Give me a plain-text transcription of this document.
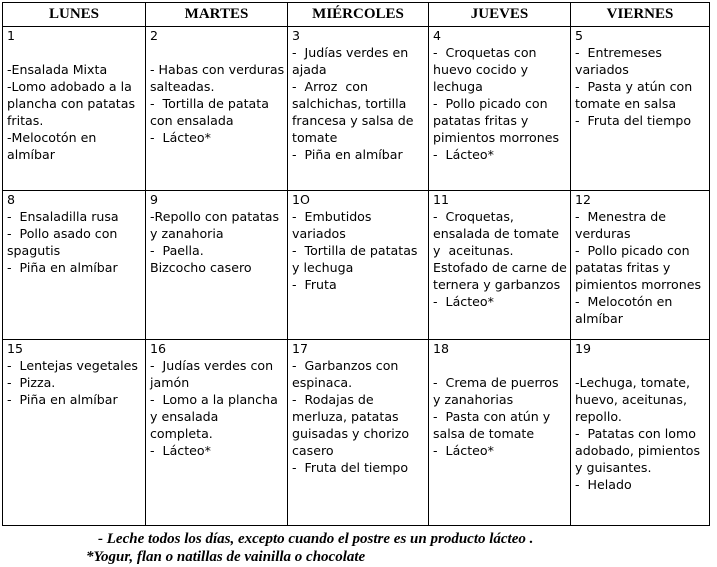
LUNES	MARTES	MIÉRCOLES	JUEVES	VIERNES

1

-Ensalada Mixta
-Lomo adobado a la plancha con patatas fritas.
-Melocotón en almíbar	2

- Habas con verduras salteadas.
-  Tortilla de patata con ensalada
-  Lácteo*	3
-  Judías verdes en ajada
-  Arroz  con salchichas, tortilla francesa y salsa de tomate
-  Piña en almíbar	4
-  Croquetas con huevo cocido y lechuga
-  Pollo picado con patatas fritas y pimientos morrones
-  Lácteo*	5
-  Entremeses variados
-  Pasta y atún con tomate en salsa
-  Fruta del tiempo

8
-  Ensaladilla rusa
-  Pollo asado con spagutis
-  Piña en almíbar	9
-Repollo con patatas y zanahoria
-  Paella.
Bizcocho casero	1O
-  Embutidos variados
-  Tortilla de patatas y lechuga
-  Fruta	11
-  Croquetas, ensalada de tomate y  aceitunas.
Estofado de carne de ternera y garbanzos
-  Lácteo*	12
-  Menestra de verduras
-  Pollo picado con patatas fritas y pimientos morrones
-  Melocotón en almíbar

15
-  Lentejas vegetales
-  Pizza.
-  Piña en almíbar	16
-  Judías verdes con jamón
-  Lomo a la plancha y ensalada completa.
-  Lácteo*	17
-  Garbanzos con espinaca.
-  Rodajas de merluza, patatas guisadas y chorizo casero
-  Fruta del tiempo	18

-  Crema de puerros y zanahorias
-  Pasta con atún y salsa de tomate
-  Lácteo*	19

-Lechuga, tomate, huevo, aceitunas, repollo.
-  Patatas con lomo adobado, pimientos y guisantes.
-  Helado
- Leche todos los días, excepto cuando el postre es un producto lácteo .
*Yogur, flan o natillas de vainilla o chocolate
